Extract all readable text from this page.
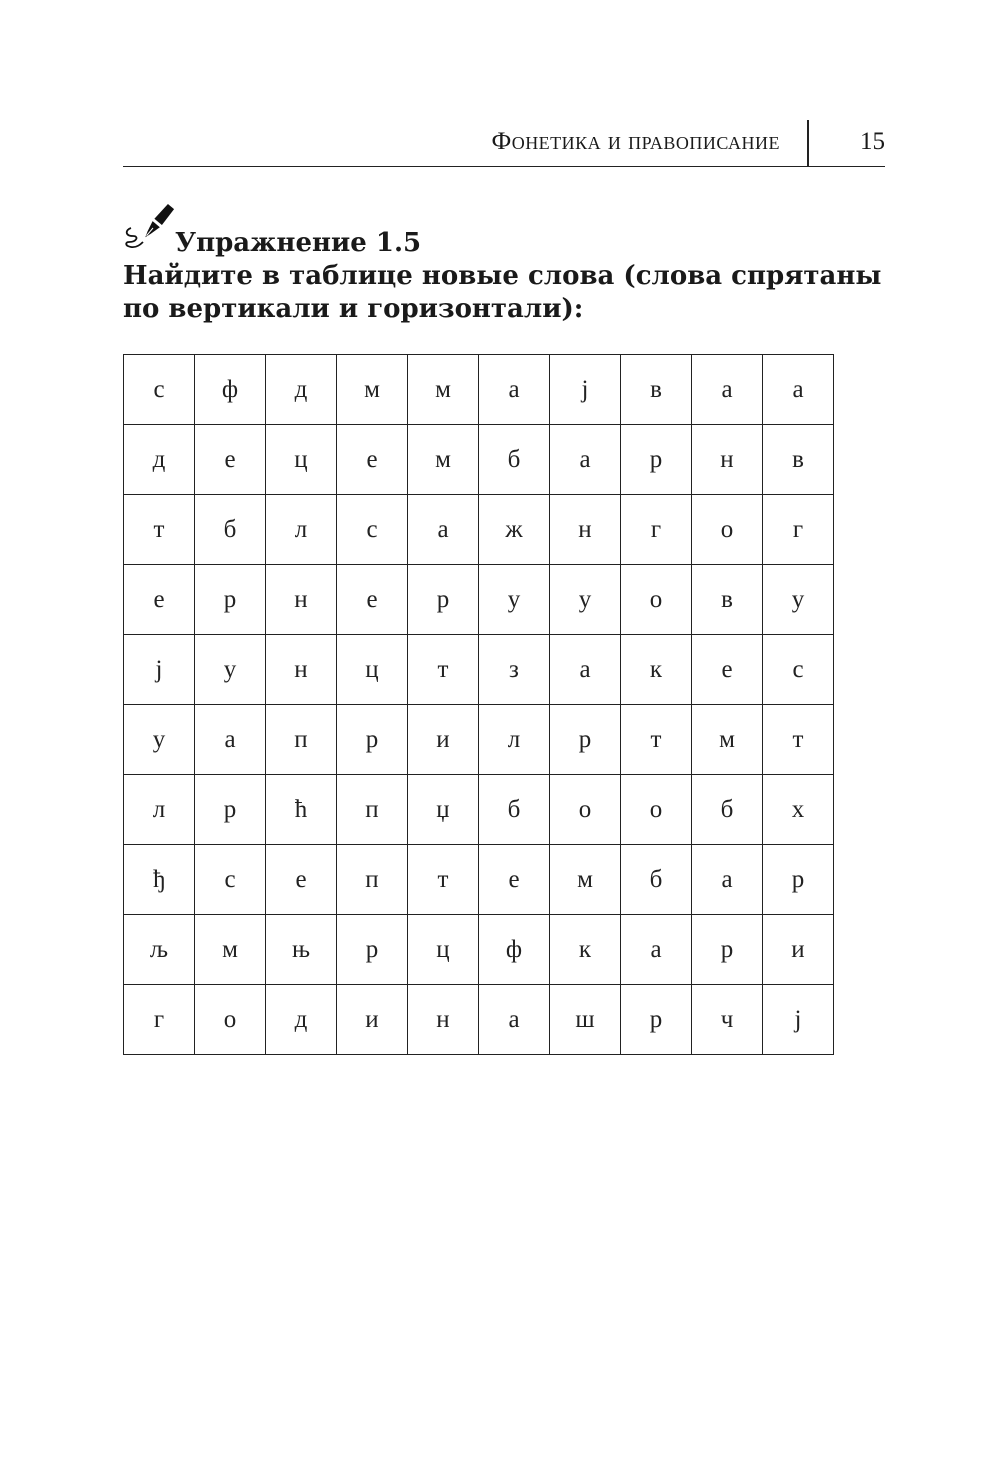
Фонетика и правописание	15
Упражнение 1.5
Найдите в таблице новые слова (слова спрятаны по вертикали и горизонтали):
с	ф	д	м	м	а	ј	в	а	а
д	е	ц	е	м	б	а	р	н	в
т	б	л	с	а	ж	н	г	о	г
е	р	н	е	р	у	у	о	в	у
ј	у	н	ц	т	з	а	к	е	с
у	а	п	р	и	л	р	т	м	т
л	р	ћ	п	џ	б	о	о	б	х
ђ	с	е	п	т	е	м	б	а	р
љ	м	њ	р	ц	ф	к	а	р	и
г	о	д	и	н	а	ш	р	ч	ј
